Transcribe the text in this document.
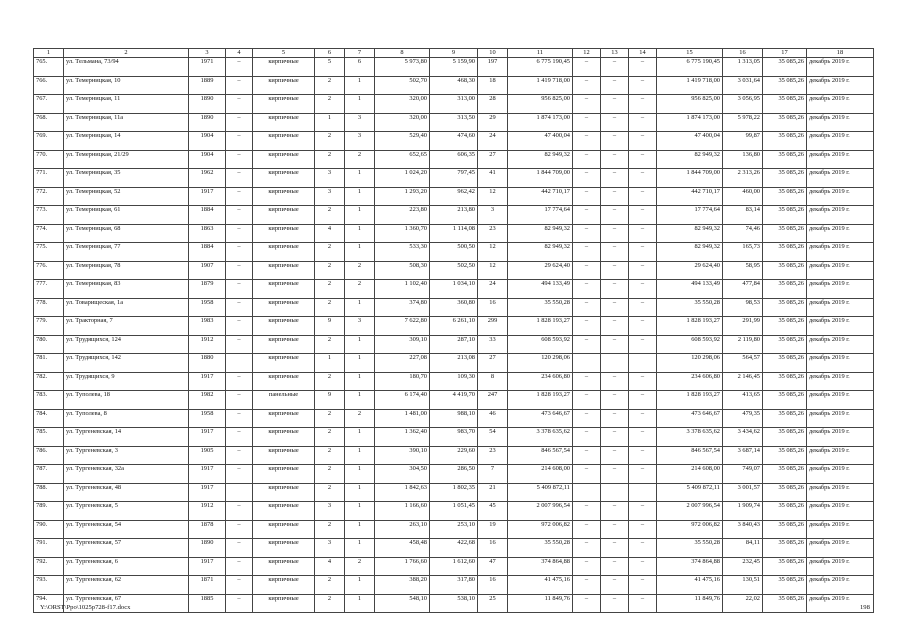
1	2	3	4	5	6	7	8	9	10	11	12	13	14	15	16	17	18
765.	ул. Тельмана, 73/94	1971	–	кирпичные	5	6	5 973,80	5 159,90	197	6 775 190,45	–	–	–	6 775 190,45	1 313,05	35 085,26	декабрь 2019 г.
766.	ул. Темерницкая, 10	1889	–	кирпичные	2	1	502,70	468,30	18	1 419 718,00	–	–	–	1 419 718,00	3 031,64	35 085,26	декабрь 2019 г.
767.	ул. Темерницкая, 11	1890	–	кирпичные	2	1	320,00	313,00	28	956 825,00	–	–	–	956 825,00	3 056,95	35 085,26	декабрь 2019 г.
768.	ул. Темерницкая, 11а	1890	–	кирпичные	1	3	320,00	313,50	29	1 874 173,00	–	–	–	1 874 173,00	5 978,22	35 085,26	декабрь 2019 г.
769.	ул. Темерницкая, 14	1904	–	кирпичные	2	3	529,40	474,60	24	47 400,04	–	–	–	47 400,04	99,87	35 085,26	декабрь 2019 г.
770.	ул. Темерницкая, 21/29	1904	–	кирпичные	2	2	652,65	606,35	27	82 949,32	–	–	–	82 949,32	136,80	35 085,26	декабрь 2019 г.
771.	ул. Темерницкая, 35	1962	–	кирпичные	3	1	1 024,20	797,45	41	1 844 709,00	–	–	–	1 844 709,00	2 313,26	35 085,26	декабрь 2019 г.
772.	ул. Темерницкая, 52	1917	–	кирпичные	3	1	1 293,20	962,42	12	442 710,17	–	–	–	442 710,17	460,00	35 085,26	декабрь 2019 г.
773.	ул. Темерницкая, 61	1884	–	кирпичные	2	1	223,80	213,80	3	17 774,64	–	–	–	17 774,64	83,14	35 085,26	декабрь 2019 г.
774.	ул. Темерницкая, 68	1863	–	кирпичные	4	1	1 360,70	1 114,08	23	82 949,32	–	–	–	82 949,32	74,46	35 085,26	декабрь 2019 г.
775.	ул. Темерницкая, 77	1884	–	кирпичные	2	1	533,30	500,50	12	82 949,32	–	–	–	82 949,32	165,73	35 085,26	декабрь 2019 г.
776.	ул. Темерницкая, 78	1907	–	кирпичные	2	2	508,30	502,50	12	29 624,40	–	–	–	29 624,40	58,95	35 085,26	декабрь 2019 г.
777.	ул. Темерницкая, 83	1879	–	кирпичные	2	2	1 102,40	1 034,10	24	494 133,49	–	–	–	494 133,49	477,84	35 085,26	декабрь 2019 г.
778.	ул. Товарищеская, 1а	1958	–	кирпичные	2	1	374,80	360,80	16	35 550,28	–	–	–	35 550,28	98,53	35 085,26	декабрь 2019 г.
779.	ул. Тракторная, 7	1983	–	кирпичные	9	3	7 622,80	6 261,10	299	1 828 193,27	–	–	–	1 828 193,27	291,99	35 085,26	декабрь 2019 г.
780.	ул. Трудящихся, 124	1912	–	кирпичные	2	1	309,10	287,10	33	608 593,92	–	–	–	608 593,92	2 119,80	35 085,26	декабрь 2019 г.
781.	ул. Трудящихся, 142	1880		кирпичные	1	1	227,08	213,08	27	120 298,06				120 298,06	564,57	35 085,26	декабрь 2019 г.
782.	ул. Трудящихся, 9	1917	–	кирпичные	2	1	180,70	109,30	8	234 606,80	–	–	–	234 606,80	2 146,45	35 085,26	декабрь 2019 г.
783.	ул. Туполева, 18	1982	–	панельные	9	1	6 174,40	4 419,70	247	1 828 193,27	–	–	–	1 828 193,27	413,65	35 085,26	декабрь 2019 г.
784.	ул. Туполева, 8	1958	–	кирпичные	2	2	1 481,00	988,10	46	473 646,67	–	–	–	473 646,67	479,35	35 085,26	декабрь 2019 г.
785.	ул. Тургеневская, 14	1917	–	кирпичные	2	1	1 362,40	983,70	54	3 378 635,62	–	–	–	3 378 635,62	3 434,62	35 085,26	декабрь 2019 г.
786.	ул. Тургеневская, 3	1905	–	кирпичные	2	1	390,10	229,60	23	846 567,54	–	–	–	846 567,54	3 687,14	35 085,26	декабрь 2019 г.
787.	ул. Тургеневская, 32а	1917	–	кирпичные	2	1	304,50	286,50	7	214 608,00	–	–	–	214 608,00	749,07	35 085,26	декабрь 2019 г.
788.	ул. Тургеневская, 48	1917		кирпичные	2	1	1 842,63	1 802,35	21	5 409 872,11				5 409 872,11	3 001,57	35 085,26	декабрь 2019 г.
789.	ул. Тургеневская, 5	1912	–	кирпичные	3	1	1 166,60	1 051,45	45	2 007 996,54	–	–	–	2 007 996,54	1 909,74	35 085,26	декабрь 2019 г.
790.	ул. Тургеневская, 54	1878	–	кирпичные	2	1	263,10	253,10	19	972 006,82	–	–	–	972 006,82	3 840,43	35 085,26	декабрь 2019 г.
791.	ул. Тургеневская, 57	1890	–	кирпичные	3	1	458,48	422,68	16	35 550,28	–	–	–	35 550,28	84,11	35 085,26	декабрь 2019 г.
792.	ул. Тургеневская, 6	1917	–	кирпичные	4	2	1 766,60	1 612,60	47	374 864,88	–	–	–	374 864,88	232,45	35 085,26	декабрь 2019 г.
793.	ул. Тургеневская, 62	1871	–	кирпичные	2	1	388,20	317,80	16	41 475,16	–	–	–	41 475,16	130,51	35 085,26	декабрь 2019 г.
794.	ул. Тургеневская, 67	1885	–	кирпичные	2	1	548,10	538,10	25	11 849,76	–	–	–	11 849,76	22,02	35 085,26	декабрь 2019 г.
Y:\ORST\Ppo\1025p728-f17.docx	198
